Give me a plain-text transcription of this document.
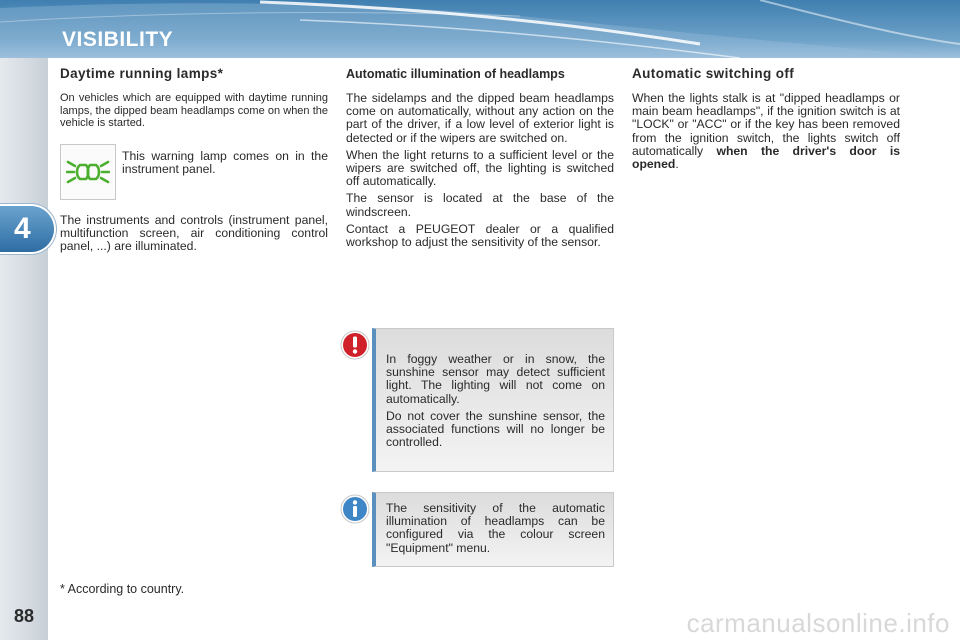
VISIBILITY
4
88
Daytime running lamps*

On vehicles which are equipped with daytime running lamps, the dipped beam headlamps come on when the vehicle is started.

This warning lamp comes on in the instrument panel.

The instruments and controls (instrument panel, multifunction screen, air conditioning control panel, ...) are illuminated.

Automatic illumination of headlamps

The sidelamps and the dipped beam headlamps come on automatically, without any action on the part of the driver, if a low level of exterior light is detected or if the wipers are switched on.

When the light returns to a sufficient level or the wipers are switched off, the lighting is switched off automatically.

The sensor is located at the base of the windscreen.

Contact a PEUGEOT dealer or a qualified workshop to adjust the sensitivity of the sensor.

Automatic switching off

When the lights stalk is at "dipped headlamps or main beam headlamps", if the ignition switch is at "LOCK" or "ACC" or if the key has been removed from the ignition switch, the lights switch off automatically when the driver's door is opened.

In foggy weather or in snow, the sunshine sensor may detect sufficient light. The lighting will not come on automatically.

Do not cover the sunshine sensor, the associated functions will no longer be controlled.

The sensitivity of the automatic illumination of headlamps can be configured via the colour screen "Equipment" menu.

* According to country.
carmanualsonline.info
